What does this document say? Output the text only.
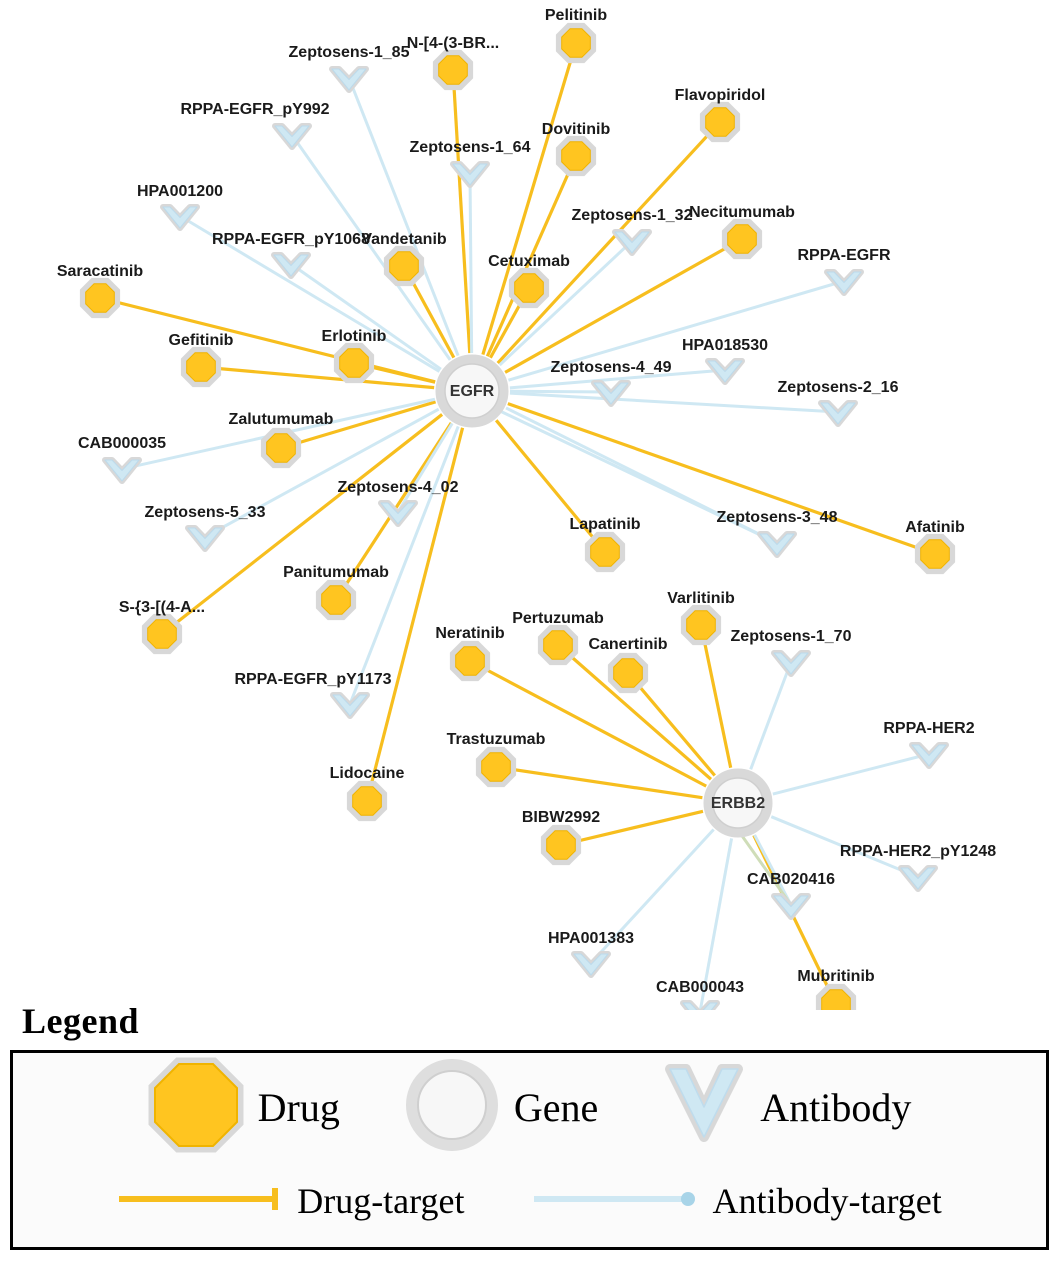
Pelitinib
N-[4-(3-BR...
Flavopiridol
Dovitinib
Necitumumab
Vandetanib
Cetuximab
Saracatinib
Erlotinib
Gefitinib
Zalutumumab
Afatinib
Lapatinib
Varlitinib
Panitumumab
S-{3-[(4-A...
Pertuzumab
Neratinib
Canertinib
Trastuzumab
Lidocaine
BIBW2992
Mubritinib
Zeptosens-1_85
RPPA-EGFR_pY992
Zeptosens-1_64
HPA001200
Zeptosens-1_32
RPPA-EGFR_pY1068
RPPA-EGFR
HPA018530
Zeptosens-4_49
Zeptosens-2_16
CAB000035
Zeptosens-4_02
Zeptosens-5_33	Zeptosens-3_48
Zeptosens-1_70
RPPA-EGFR_pY1173
RPPA-HER2
RPPA-HER2_pY1248
CAB020416
HPA001383
CAB000043
EGFR
ERBB2
Legend
Drug	Gene	Antibody
Drug-target	Antibody-target
